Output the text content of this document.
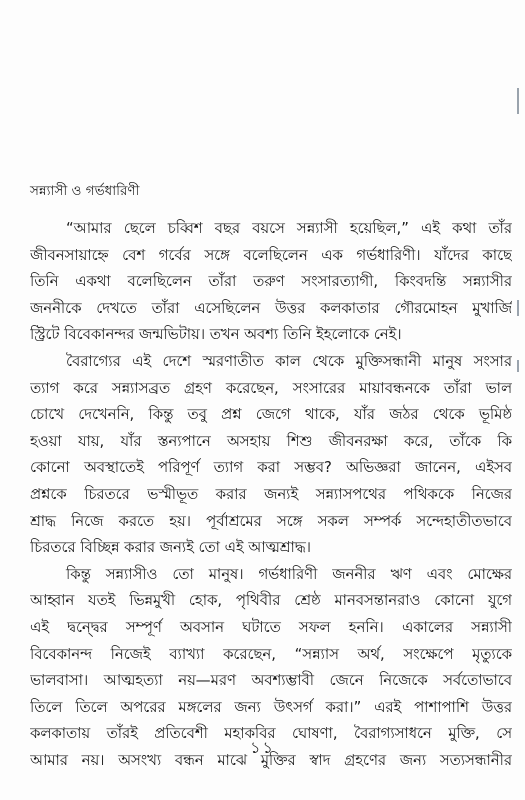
সন্ন্যাসী ও গর্ভধারিণী
“আমার ছেলে চব্বিশ বছর বয়সে সন্ন্যাসী হয়েছিল,” এই কথা তাঁর
জীবনসায়াহ্নে বেশ গর্বের সঙ্গে বলেছিলেন এক গর্ভধারিণী। যাঁদের কাছে
তিনি একথা বলেছিলেন তাঁরা তরুণ সংসারত্যাগী, কিংবদন্তি সন্ন্যাসীর
জননীকে দেখতে তাঁরা এসেছিলেন উত্তর কলকাতার গৌরমোহন মুখার্জি
স্ট্রিটে বিবেকানন্দর জন্মভিটায়। তখন অবশ্য তিনি ইহলোকে নেই।
বৈরাগ্যের এই দেশে স্মরণাতীত কাল থেকে মুক্তিসন্ধানী মানুষ সংসার
ত্যাগ করে সন্ন্যাসব্রত গ্রহণ করেছেন, সংসারের মায়াবন্ধনকে তাঁরা ভাল
চোখে দেখেননি, কিন্তু তবু প্রশ্ন জেগে থাকে, যাঁর জঠর থেকে ভূমিষ্ঠ
হওয়া যায়, যাঁর স্তন্যপানে অসহায় শিশু জীবনরক্ষা করে, তাঁকে কি
কোনো অবস্থাতেই পরিপূর্ণ ত্যাগ করা সম্ভব? অভিজ্ঞরা জানেন, এইসব
প্রশ্নকে চিরতরে ভস্মীভূত করার জন্যই সন্ন্যাসপথের পথিককে নিজের
শ্রাদ্ধ নিজে করতে হয়। পূর্বাশ্রমের সঙ্গে সকল সম্পর্ক সন্দেহাতীতভাবে
চিরতরে বিচ্ছিন্ন করার জন্যই তো এই আত্মশ্রাদ্ধ।
কিন্তু সন্ন্যাসীও তো মানুষ। গর্ভধারিণী জননীর ঋণ এবং মোক্ষের
আহ্বান যতই ভিন্নমুখী হোক, পৃথিবীর শ্রেষ্ঠ মানবসন্তানরাও কোনো যুগে
এই দ্বন্দ্বের সম্পূর্ণ অবসান ঘটাতে সফল হননি। একালের সন্ন্যাসী
বিবেকানন্দ নিজেই ব্যাখ্যা করেছেন, “সন্ন্যাস অর্থ, সংক্ষেপে মৃত্যুকে
ভালবাসা। আত্মহত্যা নয়—মরণ অবশ্যম্ভাবী জেনে নিজেকে সর্বতোভাবে
তিলে তিলে অপরের মঙ্গলের জন্য উৎসর্গ করা।” এরই পাশাপাশি উত্তর
কলকাতায় তাঁরই প্রতিবেশী মহাকবির ঘোষণা, বৈরাগ্যসাধনে মুক্তি, সে
আমার নয়। অসংখ্য বন্ধন মাঝে মুক্তির স্বাদ গ্রহণের জন্য সত্যসন্ধানীর
১১
